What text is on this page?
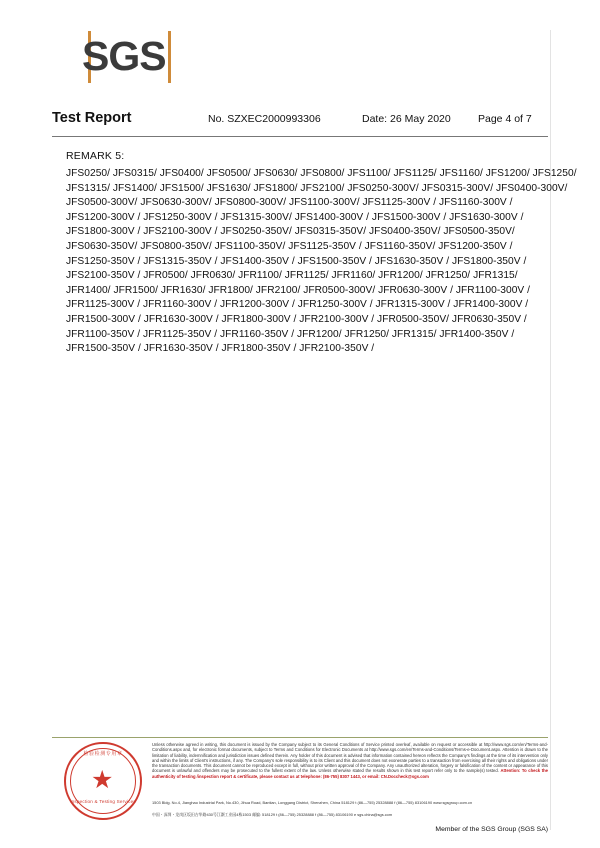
SGS
Test Report	No. SZXEC2000993306	Date: 26 May 2020	Page 4 of 7
REMARK 5:
JFS0250/ JFS0315/ JFS0400/ JFS0500/ JFS0630/ JFS0800/ JFS1100/ JFS1125/ JFS1160/ JFS1200/ JFS1250/
JFS1315/ JFS1400/ JFS1500/ JFS1630/ JFS1800/ JFS2100/ JFS0250-300V/ JFS0315-300V/ JFS0400-300V/
JFS0500-300V/ JFS0630-300V/ JFS0800-300V/ JFS1100-300V/ JFS1125-300V / JFS1160-300V /
JFS1200-300V / JFS1250-300V / JFS1315-300V/ JFS1400-300V / JFS1500-300V / JFS1630-300V /
JFS1800-300V / JFS2100-300V / JFS0250-350V/ JFS0315-350V/ JFS0400-350V/ JFS0500-350V/
JFS0630-350V/ JFS0800-350V/ JFS1100-350V/ JFS1125-350V / JFS1160-350V/ JFS1200-350V /
JFS1250-350V / JFS1315-350V / JFS1400-350V / JFS1500-350V / JFS1630-350V / JFS1800-350V /
JFS2100-350V / JFR0500/ JFR0630/ JFR1100/ JFR1125/ JFR1160/ JFR1200/ JFR1250/ JFR1315/
JFR1400/ JFR1500/ JFR1630/ JFR1800/ JFR2100/ JFR0500-300V/ JFR0630-300V / JFR1100-300V /
JFR1125-300V / JFR1160-300V / JFR1200-300V / JFR1250-300V / JFR1315-300V / JFR1400-300V /
JFR1500-300V / JFR1630-300V / JFR1800-300V / JFR2100-300V / JFR0500-350V/ JFR0630-350V /
JFR1100-350V / JFR1125-350V / JFR1160-350V / JFR1200/ JFR1250/ JFR1315/ JFR1400-350V /
JFR1500-350V / JFR1630-350V / JFR1800-350V / JFR2100-350V /
检验检测专用章
★
Inspection & Testing Services
Unless otherwise agreed in writing, this document is issued by the Company subject to its General Conditions of Service printed overleaf, available on request or accessible at http://www.sgs.com/en/Terms-and-Conditions.aspx and, for electronic format documents, subject to Terms and Conditions for Electronic Documents at http://www.sgs.com/en/Terms-and-Conditions/Terms-e-Document.aspx. Attention is drawn to the limitation of liability, indemnification and jurisdiction issues defined therein. Any holder of this document is advised that information contained hereon reflects the Company's findings at the time of its intervention only and within the limits of Client's instructions, if any. The Company's sole responsibility is to its Client and this document does not exonerate parties to a transaction from exercising all their rights and obligations under the transaction documents. This document cannot be reproduced except in full, without prior written approval of the Company. Any unauthorized alteration, forgery or falsification of the content or appearance of this document is unlawful and offenders may be prosecuted to the fullest extent of the law. Unless otherwise stated the results shown in this test report refer only to the sample(s) tested. Attention: To check the authenticity of testing /inspection report & certificate, please contact us at telephone: (86-755) 8307 1443, or email: CN.Doccheck@sgs.com
1503 Bldg. No.4, Jianghao Industrial Park, No.430, Jihua Road, Bantian, Longgang District, Shenzhen, China 518129 t (86—755) 25328888 f (86—755) 83106190 www.sgsgroup.com.cn
中国・深圳・龙岗区坂田吉华路430号江灏工业园4栋1503 邮编: 518129 t (86—755) 25328888 f (86—755) 83106190 e sgs.china@sgs.com
Member of the SGS Group (SGS SA)
